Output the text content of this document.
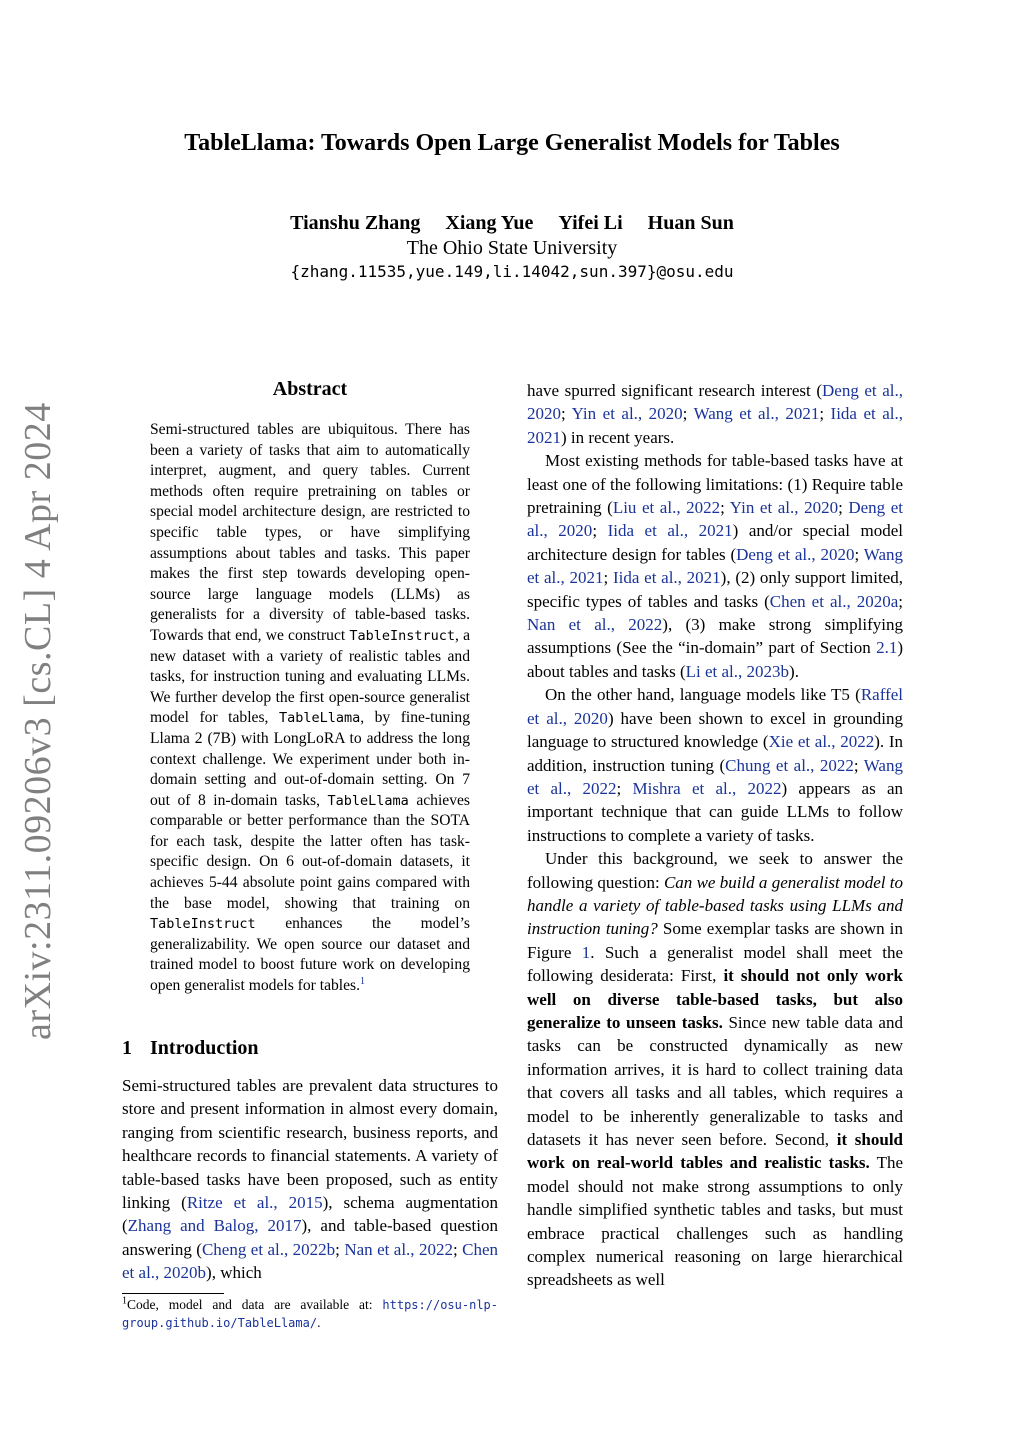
arXiv:2311.09206v3 [cs.CL] 4 Apr 2024
TableLlama: Towards Open Large Generalist Models for Tables
Tianshu Zhang Xiang Yue Yifei Li Huan Sun
The Ohio State University
{zhang.11535,yue.149,li.14042,sun.397}@osu.edu
Abstract
Semi-structured tables are ubiquitous. There has been a variety of tasks that aim to automatically interpret, augment, and query tables. Current methods often require pretraining on tables or special model architecture design, are restricted to specific table types, or have simplifying assumptions about tables and tasks. This paper makes the first step towards developing open-source large language models (LLMs) as generalists for a diversity of table-based tasks. Towards that end, we construct TableInstruct, a new dataset with a variety of realistic tables and tasks, for instruction tuning and evaluating LLMs. We further develop the first open-source generalist model for tables, TableLlama, by fine-tuning Llama 2 (7B) with LongLoRA to address the long context challenge. We experiment under both in-domain setting and out-of-domain setting. On 7 out of 8 in-domain tasks, TableLlama achieves comparable or better performance than the SOTA for each task, despite the latter often has task-specific design. On 6 out-of-domain datasets, it achieves 5-44 absolute point gains compared with the base model, showing that training on TableInstruct enhances the model’s generalizability. We open source our dataset and trained model to boost future work on developing open generalist models for tables.$^1$
1 Introduction

Semi-structured tables are prevalent data structures to store and present information in almost every domain, ranging from scientific research, business reports, and healthcare records to financial statements. A variety of table-based tasks have been proposed, such as entity linking (Ritze et al., 2015), schema augmentation (Zhang and Balog, 2017), and table-based question answering (Cheng et al., 2022b; Nan et al., 2022; Chen et al., 2020b), which

$^1$Code, model and data are available at: https://osu-nlp-group.github.io/TableLlama/.

have spurred significant research interest (Deng et al., 2020; Yin et al., 2020; Wang et al., 2021; Iida et al., 2021) in recent years.

Most existing methods for table-based tasks have at least one of the following limitations: (1) Require table pretraining (Liu et al., 2022; Yin et al., 2020; Deng et al., 2020; Iida et al., 2021) and/or special model architecture design for tables (Deng et al., 2020; Wang et al., 2021; Iida et al., 2021), (2) only support limited, specific types of tables and tasks (Chen et al., 2020a; Nan et al., 2022), (3) make strong simplifying assumptions (See the “in-domain” part of Section 2.1) about tables and tasks (Li et al., 2023b).

On the other hand, language models like T5 (Raffel et al., 2020) have been shown to excel in grounding language to structured knowledge (Xie et al., 2022). In addition, instruction tuning (Chung et al., 2022; Wang et al., 2022; Mishra et al., 2022) appears as an important technique that can guide LLMs to follow instructions to complete a variety of tasks.

Under this background, we seek to answer the following question: Can we build a generalist model to handle a variety of table-based tasks using LLMs and instruction tuning? Some exemplar tasks are shown in Figure 1. Such a generalist model shall meet the following desiderata: First, it should not only work well on diverse table-based tasks, but also generalize to unseen tasks. Since new table data and tasks can be constructed dynamically as new information arrives, it is hard to collect training data that covers all tasks and all tables, which requires a model to be inherently generalizable to tasks and datasets it has never seen before. Second, it should work on real-world tables and realistic tasks. The model should not make strong assumptions to only handle simplified synthetic tables and tasks, but must embrace practical challenges such as handling complex numerical reasoning on large hierarchical spreadsheets as well
